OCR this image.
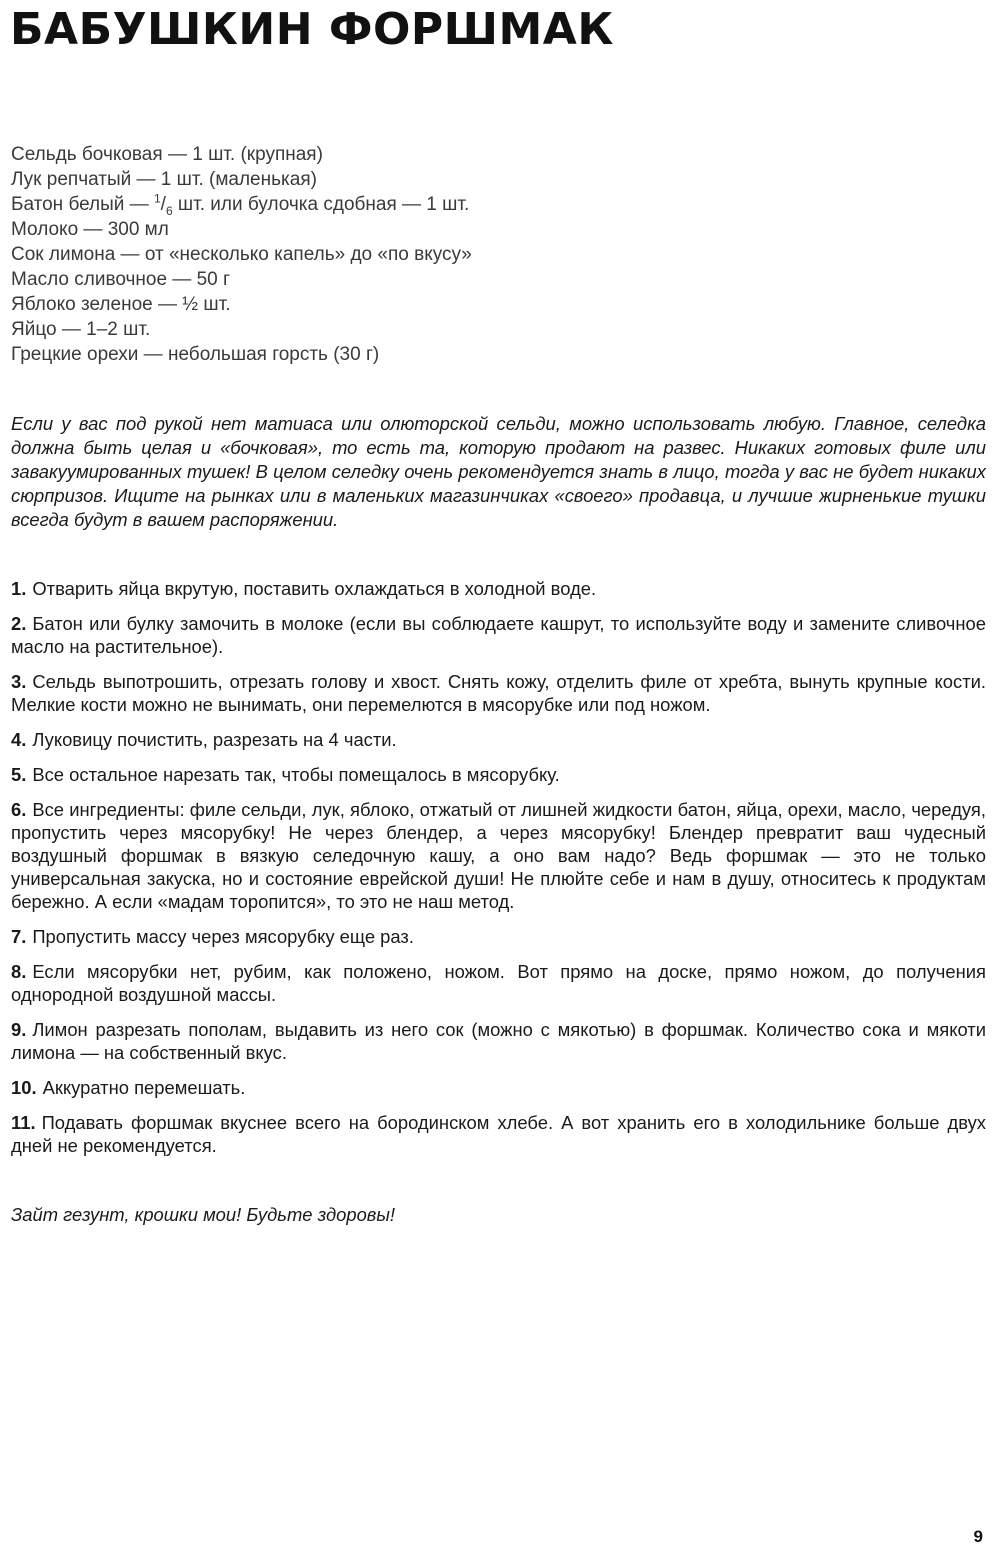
БАБУШКИН ФОРШМАК
Сельдь бочковая — 1 шт. (крупная)
Лук репчатый — 1 шт. (маленькая)
Батон белый — $^1/_6$ шт. или булочка сдобная — 1 шт.
Молоко — 300 мл
Сок лимона — от «несколько капель» до «по вкусу»
Масло сливочное — 50 г
Яблоко зеленое — ½ шт.
Яйцо — 1–2 шт.
Грецкие орехи — небольшая горсть (30 г)

Если у вас под рукой нет матиаса или олюторской сельди, можно использовать любую. Главное, селедка должна быть целая и «бочковая», то есть та, которую продают на развес. Никаких готовых филе или завакуумированных тушек! В целом селедку очень рекомендуется знать в лицо, тогда у вас не будет никаких сюрпризов. Ищите на рынках или в маленьких магазинчиках «своего» продавца, и лучшие жирненькие тушки всегда будут в вашем распоряжении.

1. Отварить яйца вкрутую, поставить охлаждаться в холодной воде.
2. Батон или булку замочить в молоке (если вы соблюдаете кашрут, то используйте воду и замените сливочное масло на растительное).
3. Сельдь выпотрошить, отрезать голову и хвост. Снять кожу, отделить филе от хребта, вынуть крупные кости. Мелкие кости можно не вынимать, они перемелются в мясорубке или под ножом.
4. Луковицу почистить, разрезать на 4 части.
5. Все остальное нарезать так, чтобы помещалось в мясорубку.
6. Все ингредиенты: филе сельди, лук, яблоко, отжатый от лишней жидкости батон, яйца, орехи, масло, чередуя, пропустить через мясорубку! Не через блендер, а через мясорубку! Блендер превратит ваш чудесный воздушный форшмак в вязкую селедочную кашу, а оно вам надо? Ведь форшмак — это не только универсальная закуска, но и состояние еврейской души! Не плюйте себе и нам в душу, относитесь к продуктам бережно. А если «мадам торопится», то это не наш метод.
7. Пропустить массу через мясорубку еще раз.
8. Если мясорубки нет, рубим, как положено, ножом. Вот прямо на доске, прямо ножом, до получения однородной воздушной массы.
9. Лимон разрезать пополам, выдавить из него сок (можно с мякотью) в форшмак. Количество сока и мякоти лимона — на собственный вкус.
10. Аккуратно перемешать.
11. Подавать форшмак вкуснее всего на бородинском хлебе. А вот хранить его в холодильнике больше двух дней не рекомендуется.

Зайт гезунт, крошки мои! Будьте здоровы!

9
